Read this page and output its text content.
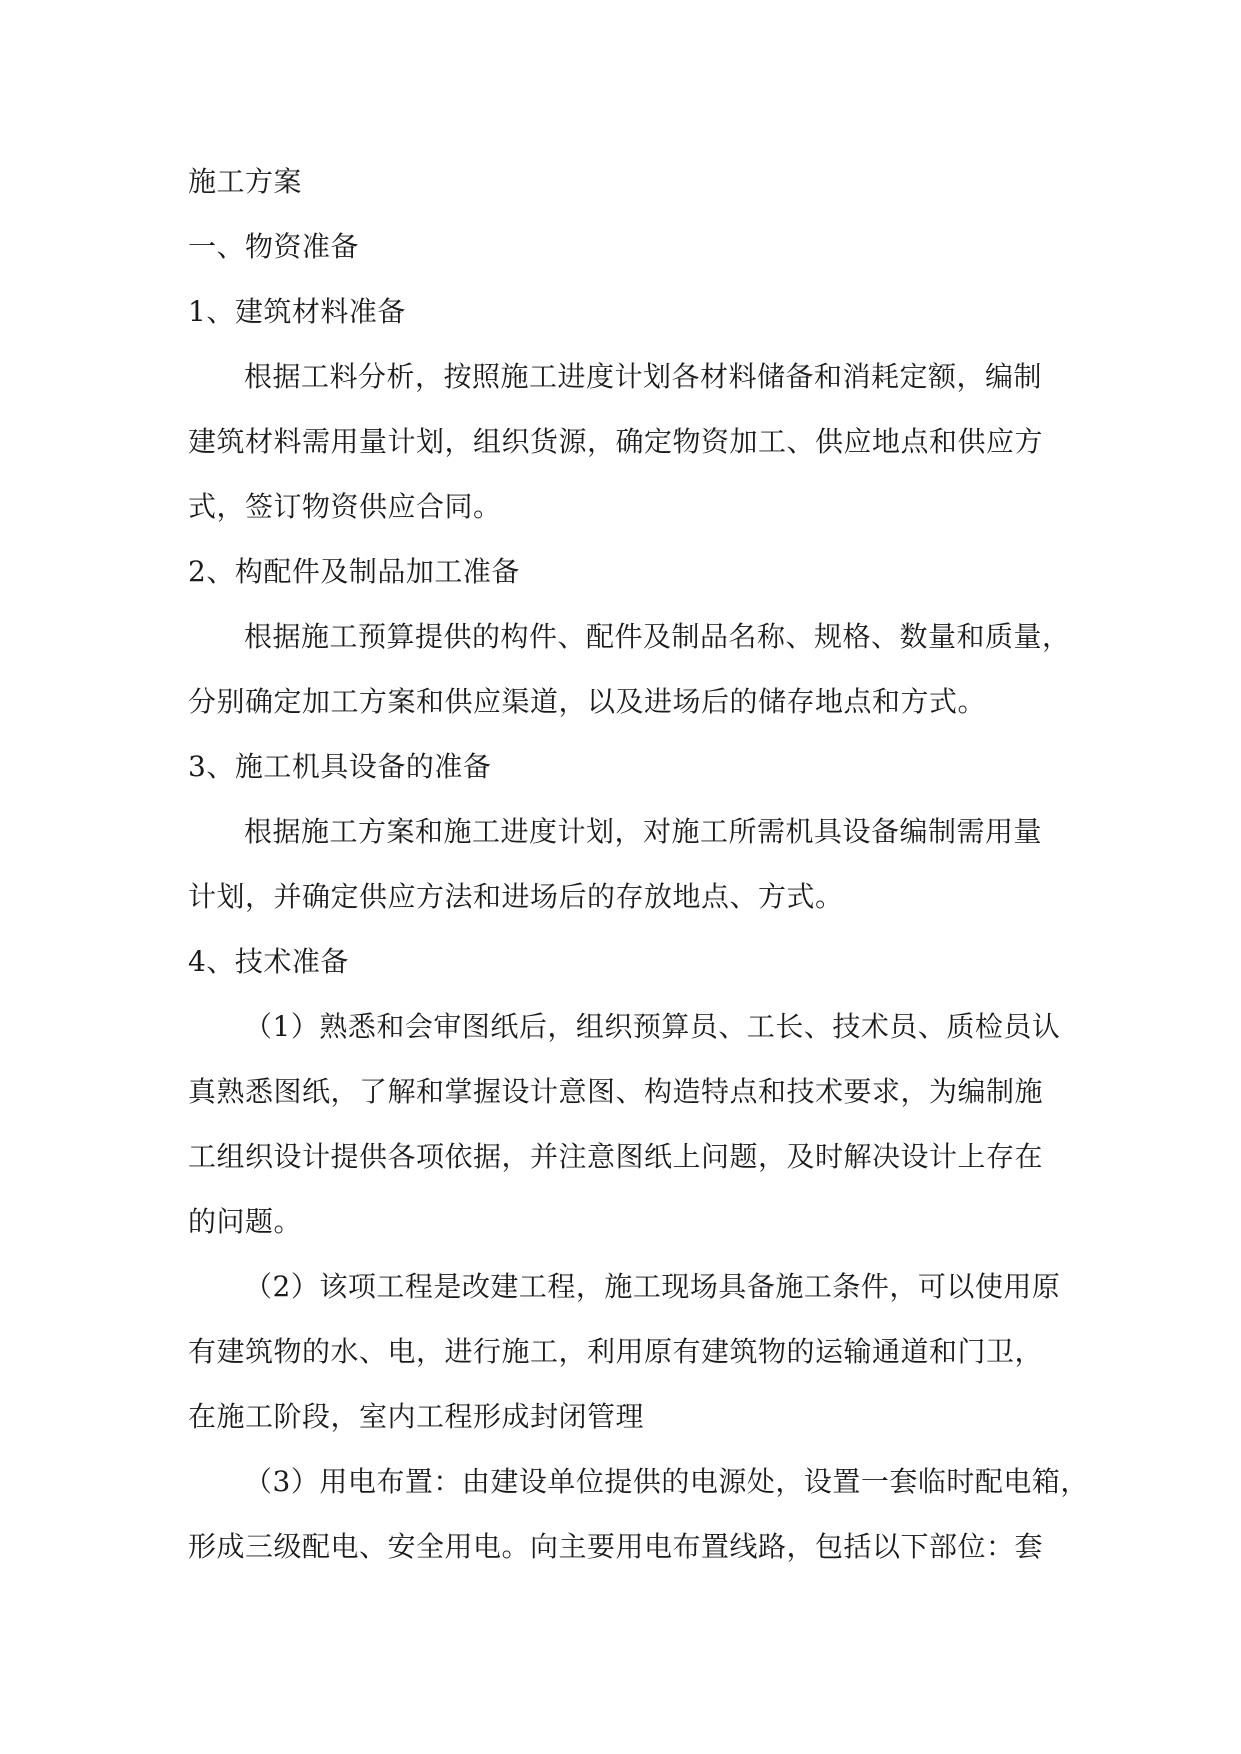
施工方案
一、物资准备
1、建筑材料准备
根据工料分析，按照施工进度计划各材料储备和消耗定额，编制
建筑材料需用量计划，组织货源，确定物资加工、供应地点和供应方
式，签订物资供应合同。
2、构配件及制品加工准备
根据施工预算提供的构件、配件及制品名称、规格、数量和质量，
分别确定加工方案和供应渠道，以及进场后的储存地点和方式。
3、施工机具设备的准备
根据施工方案和施工进度计划，对施工所需机具设备编制需用量
计划，并确定供应方法和进场后的存放地点、方式。
4、技术准备
（1）熟悉和会审图纸后，组织预算员、工长、技术员、质检员认
真熟悉图纸，了解和掌握设计意图、构造特点和技术要求，为编制施
工组织设计提供各项依据，并注意图纸上问题，及时解决设计上存在
的问题。
（2）该项工程是改建工程，施工现场具备施工条件，可以使用原
有建筑物的水、电，进行施工，利用原有建筑物的运输通道和门卫，
在施工阶段，室内工程形成封闭管理
（3）用电布置：由建设单位提供的电源处，设置一套临时配电箱，
形成三级配电、安全用电。向主要用电布置线路，包括以下部位：套
